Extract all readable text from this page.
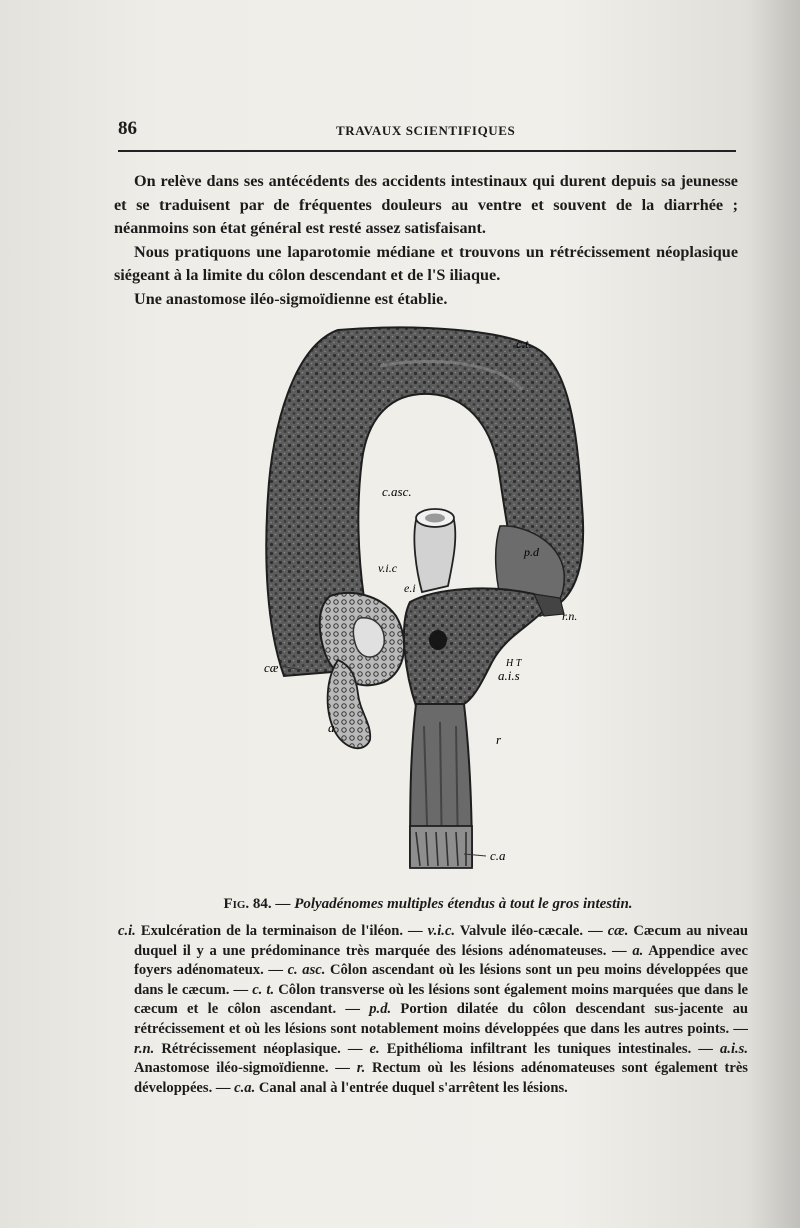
86	TRAVAUX SCIENTIFIQUES

On relève dans ses antécédents des accidents intestinaux qui durent depuis sa jeunesse et se traduisent par de fréquentes douleurs au ventre et souvent de la diarrhée ; néanmoins son état général est resté assez satisfaisant.

Nous pratiquons une laparotomie médiane et trouvons un rétrécissement néoplasique siégeant à la limite du côlon descendant et de l'S iliaque.

Une anastomose iléo-sigmoïdienne est établie.

c.t.
c.asc.
v.i.c
e.i
p.d
r.n.
H T
a.i.s
cæ
a
r
c.a
Fig. 84. — Polyadénomes multiples étendus à tout le gros intestin.

c.i. Exulcération de la terminaison de l'iléon. — v.i.c. Valvule iléo-cæcale. — cæ. Cæcum au niveau duquel il y a une prédominance très marquée des lésions adénomateuses. — a. Appendice avec foyers adénomateux. — c. asc. Côlon ascendant où les lésions sont un peu moins développées que dans le cæcum. — c. t. Côlon transverse où les lésions sont également moins marquées que dans le cæcum et le côlon ascendant. — p.d. Portion dilatée du côlon descendant sus-jacente au rétrécissement et où les lésions sont notablement moins développées que dans les autres points. — r.n. Rétrécissement néoplasique. — e. Epithélioma infiltrant les tuniques intestinales. — a.i.s. Anastomose iléo-sigmoïdienne. — r. Rectum où les lésions adénomateuses sont également très développées. — c.a. Canal anal à l'entrée duquel s'arrêtent les lésions.
